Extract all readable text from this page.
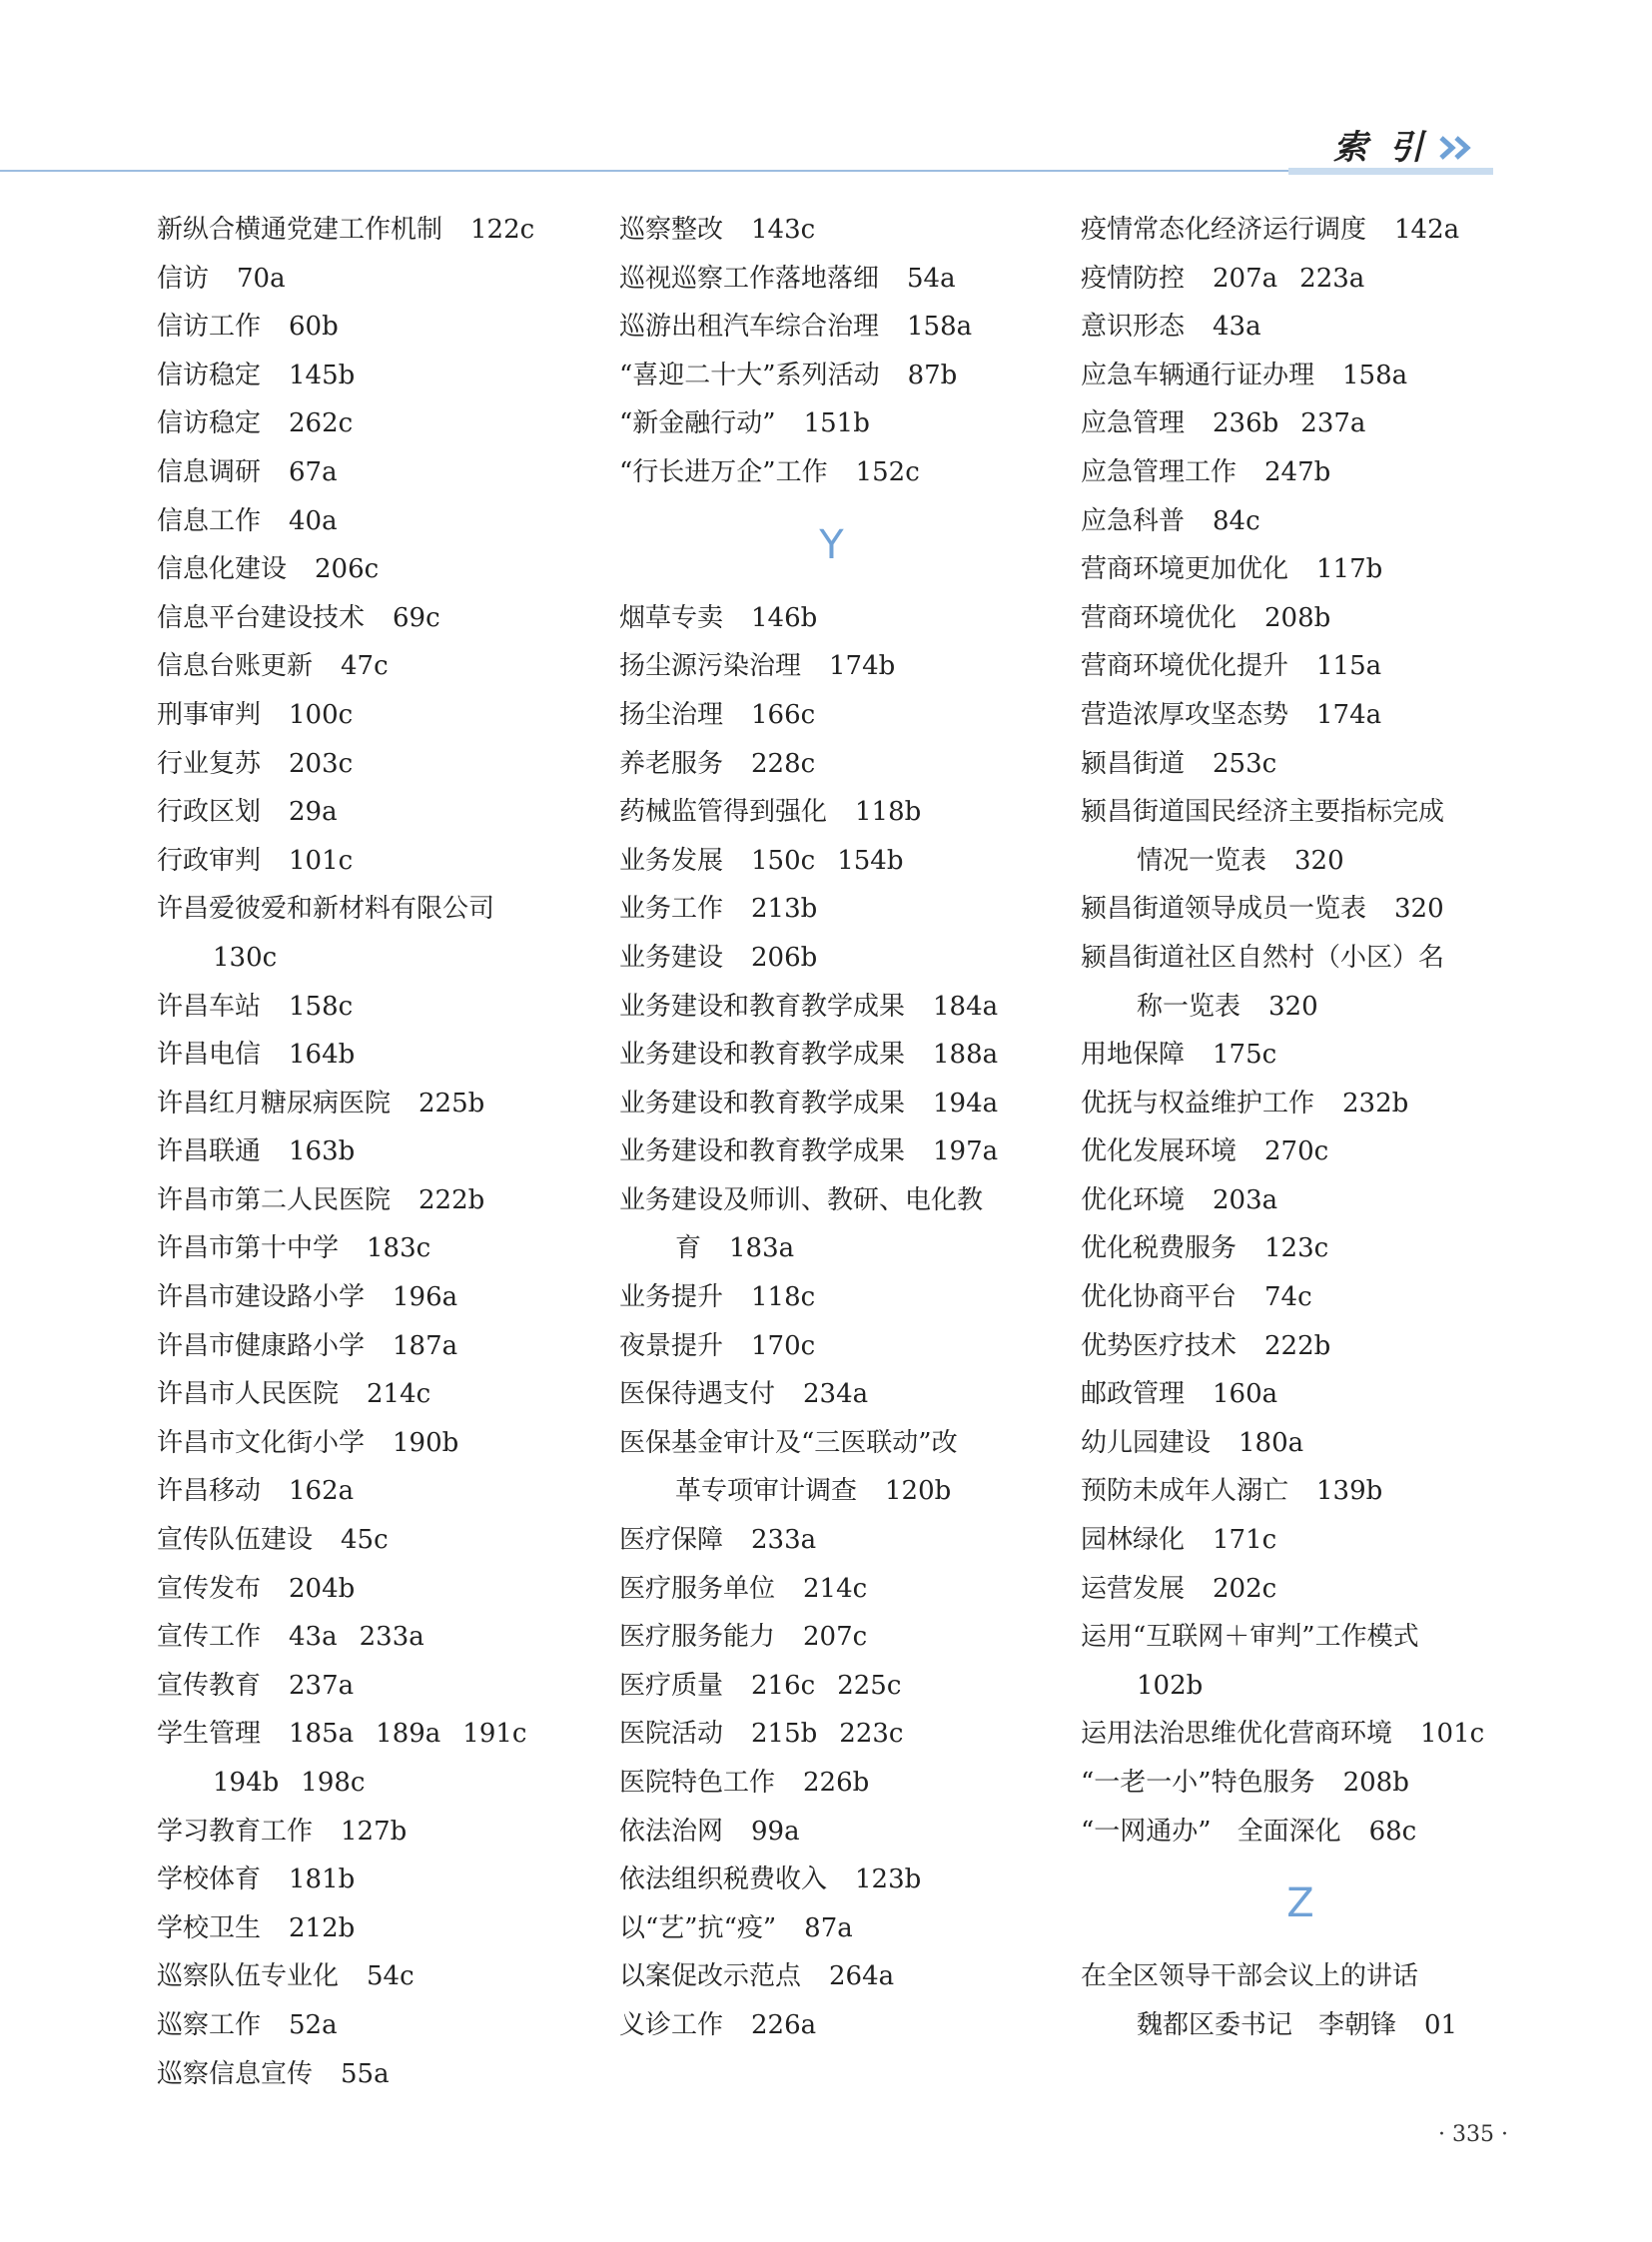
索引
新纵合横通党建工作机制 122c
信访 70a
信访工作 60b
信访稳定 145b
信访稳定 262c
信息调研 67a
信息工作 40a
信息化建设 206c
信息平台建设技术 69c
信息台账更新 47c
刑事审判 100c
行业复苏 203c
行政区划 29a
行政审判 101c
许昌爱彼爱和新材料有限公司
130c
许昌车站 158c
许昌电信 164b
许昌红月糖尿病医院 225b
许昌联通 163b
许昌市第二人民医院 222b
许昌市第十中学 183c
许昌市建设路小学 196a
许昌市健康路小学 187a
许昌市人民医院 214c
许昌市文化街小学 190b
许昌移动 162a
宣传队伍建设 45c
宣传发布 204b
宣传工作 43a 233a
宣传教育 237a
学生管理 185a 189a 191c
194b 198c
学习教育工作 127b
学校体育 181b
学校卫生 212b
巡察队伍专业化 54c
巡察工作 52a
巡察信息宣传 55a
巡察整改 143c
巡视巡察工作落地落细 54a
巡游出租汽车综合治理 158a
“喜迎二十大”系列活动 87b
“新金融行动” 151b
“行长进万企”工作 152c
Y
烟草专卖 146b
扬尘源污染治理 174b
扬尘治理 166c
养老服务 228c
药械监管得到强化 118b
业务发展 150c 154b
业务工作 213b
业务建设 206b
业务建设和教育教学成果 184a
业务建设和教育教学成果 188a
业务建设和教育教学成果 194a
业务建设和教育教学成果 197a
业务建设及师训、教研、电化教
育 183a
业务提升 118c
夜景提升 170c
医保待遇支付 234a
医保基金审计及“三医联动”改
革专项审计调查 120b
医疗保障 233a
医疗服务单位 214c
医疗服务能力 207c
医疗质量 216c 225c
医院活动 215b 223c
医院特色工作 226b
依法治网 99a
依法组织税费收入 123b
以“艺”抗“疫” 87a
以案促改示范点 264a
义诊工作 226a
疫情常态化经济运行调度 142a
疫情防控 207a 223a
意识形态 43a
应急车辆通行证办理 158a
应急管理 236b 237a
应急管理工作 247b
应急科普 84c
营商环境更加优化 117b
营商环境优化 208b
营商环境优化提升 115a
营造浓厚攻坚态势 174a
颍昌街道 253c
颍昌街道国民经济主要指标完成
情况一览表 320
颍昌街道领导成员一览表 320
颍昌街道社区自然村（小区）名
称一览表 320
用地保障 175c
优抚与权益维护工作 232b
优化发展环境 270c
优化环境 203a
优化税费服务 123c
优化协商平台 74c
优势医疗技术 222b
邮政管理 160a
幼儿园建设 180a
预防未成年人溺亡 139b
园林绿化 171c
运营发展 202c
运用“互联网＋审判”工作模式
102b
运用法治思维优化营商环境 101c
“一老一小”特色服务 208b
“一网通办”　全面深化 68c
Z
在全区领导干部会议上的讲话
魏都区委书记　李朝锋 01
· 335 ·
